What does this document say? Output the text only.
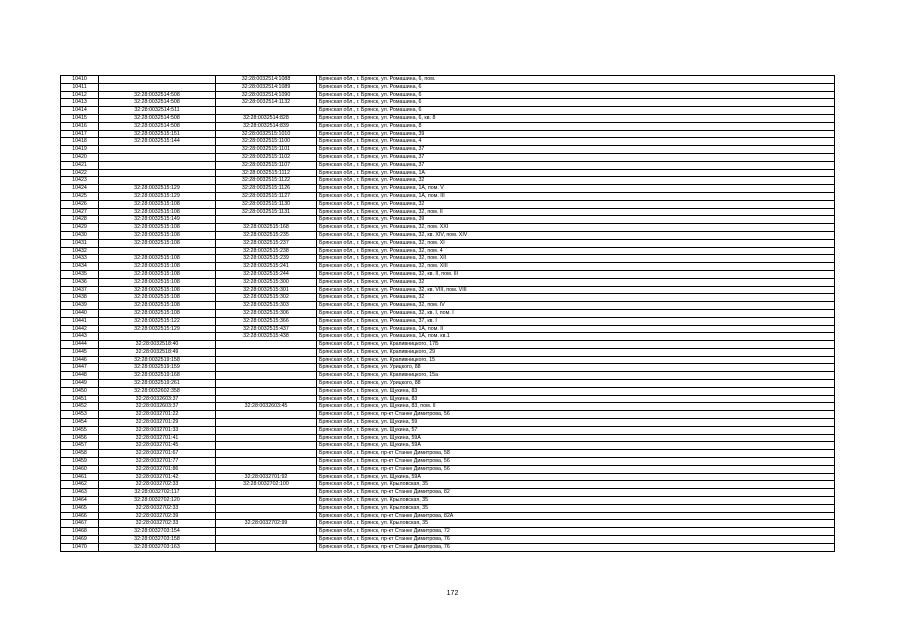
10410		32:28:0032514:1088	Брянская обл., г. Брянск, ул. Ромашина, 6, пом.
10411		32:28:0032514:1089	Брянская обл., г. Брянск, ул. Ромашина, 6
10412	32:28:0032514:508	32:28:0032514:1090	Брянская обл., г. Брянск, ул. Ромашина, 6
10413	32:28:0032514:508	32:28:0032514:1132	Брянская обл., г. Брянск, ул. Ромашина, 6
10414	32:28:0032514:511		Брянская обл., г. Брянск, ул. Ромашина, 6
10415	32:28:0032514:508	32:28:0032514:828	Брянская обл., г. Брянск, ул. Ромашина, 6, кв. 8
10416	32:28:0032514:508	32:28:0032514:839	Брянская обл., г. Брянск, ул. Ромашина, 8
10417	32:28:0032515:151	32:28:0032515:1010	Брянская обл., г. Брянск, ул. Ромашина, 39
10418	32:28:0032515:144	32:28:0032515:1100	Брянская обл., г. Брянск, ул. Ромашина, 4
10419		32:28:0032515:1101	Брянская обл., г. Брянск, ул. Ромашина, 37
10420		32:28:0032515:1102	Брянская обл., г. Брянск, ул. Ромашина, 37
10421		32:28:0032515:1107	Брянская обл., г. Брянск, ул. Ромашина, 37
10422		32:28:0032515:1112	Брянская обл., г. Брянск, ул. Ромашина, 1А
10423		32:28:0032515:1122	Брянская обл., г. Брянск, ул. Ромашина, 32
10424	32:28:0032515:129	32:28:0032515:1126	Брянская обл., г. Брянск, ул. Ромашина, 1А, пом. V
10425	32:28:0032515:129	32:28:0032515:1127	Брянская обл., г. Брянск, ул. Ромашина, 1А, пом. III
10426	32:28:0032515:108	32:28:0032515:1130	Брянская обл., г. Брянск, ул. Ромашина, 32
10427	32:28:0032515:108	32:28:0032515:1131	Брянская обл., г. Брянск, ул. Ромашина, 32, пом. II
10428	32:28:0032515:149		Брянская обл., г. Брянск, ул. Ромашина, 39
10429	32:28:0032515:108	32:28:0032515:168	Брянская обл., г. Брянск, ул. Ромашина, 32, пом. XXI
10430	32:28:0032515:108	32:28:0032515:235	Брянская обл., г. Брянск, ул. Ромашина, 32, кв. XIV, пом. XIV
10431	32:28:0032515:108	32:28:0032515:237	Брянская обл., г. Брянск, ул. Ромашина, 32, пом. XI
10432		32:28:0032515:238	Брянская обл., г. Брянск, ул. Ромашина, 32, пом. 4
10433	32:28:0032515:108	32:28:0032515:239	Брянская обл., г. Брянск, ул. Ромашина, 32, пом. XII
10434	32:28:0032515:108	32:28:0032515:241	Брянская обл., г. Брянск, ул. Ромашина, 32, пом. XIII
10435	32:28:0032515:108	32:28:0032515:244	Брянская обл., г. Брянск, ул. Ромашина, 32, кв. II, пом. III
10436	32:28:0032515:108	32:28:0032515:300	Брянская обл., г. Брянск, ул. Ромашина, 32
10437	32:28:0032515:108	32:28:0032515:301	Брянская обл., г. Брянск, ул. Ромашина, 32, кв. VIII, пом. VIII
10438	32:28:0032515:108	32:28:0032515:302	Брянская обл., г. Брянск, ул. Ромашина, 32
10439	32:28:0032515:108	32:28:0032515:303	Брянская обл., г. Брянск, ул. Ромашина, 32, пом. IV
10440	32:28:0032515:108	32:28:0032515:306	Брянская обл., г. Брянск, ул. Ромашина, 32, кв. I, пом. I
10441	32:28:0032515:122	32:28:0032515:366	Брянская обл., г. Брянск, ул. Ромашина, 37, кв. I
10442	32:28:0032515:129	32:28:0032515:437	Брянская обл., г. Брянск, ул. Ромашина, 1А, пом. II
10443		32:28:0032515:438	Брянская обл., г. Брянск, ул. Ромашина, 1А, пом. кв.1
10444	32:28:0032518:40		Брянская обл., г. Брянск, ул. Крапивницкого, 17Б
10445	32:28:0032518:49		Брянская обл., г. Брянск, ул. Крапивницкого, 29
10446	32:28:0032519:158		Брянская обл., г. Брянск, ул. Крапивницкого, 15
10447	32:28:0032519:159		Брянская обл., г. Брянск, ул. Урицкого, 88
10448	32:28:0032519:168		Брянская обл., г. Брянск, ул. Крапивницкого, 15а
10449	32:28:0032519:261		Брянская обл., г. Брянск, ул. Урицкого, 88
10450	32:28:0032602:358		Брянская обл., г. Брянск, ул. Щукина, 83
10451	32:28:0032603:37		Брянская обл., г. Брянск, ул. Щукина, 83
10452	32:28:0032603:37	32:28:0032603:45	Брянская обл., г. Брянск, ул. Щукина, 83, пом. II
10453	32:28:0032701:22		Брянская обл., г. Брянск, пр-кт Станке Димитрова, 56
10454	32:28:0032701:29		Брянская обл., г. Брянск, ул. Щукина, 59
10455	32:28:0032701:33		Брянская обл., г. Брянск, ул. Щукина, 57
10456	32:28:0032701:41		Брянская обл., г. Брянск, ул. Щукина, 59А
10457	32:28:0032701:45		Брянская обл., г. Брянск, ул. Щукина, 59А
10458	32:28:0032701:67		Брянская обл., г. Брянск, пр-кт Станке Димитрова, 58
10459	32:28:0032701:77		Брянская обл., г. Брянск, пр-кт Станке Димитрова, 56
10460	32:28:0032701:86		Брянская обл., г. Брянск, пр-кт Станке Димитрова, 56
10461	32:28:0032701:42	32:28:0032701:92	Брянская обл., г. Брянск, ул. Щукина, 59А
10462	32:28:0032702:33	32:28:0032702:100	Брянская обл., г. Брянск, ул. Крыловская, 35
10463	32:28:0032702:117		Брянская обл., г. Брянск, пр-кт Станке Димитрова, 82
10464	32:28:0032702:120		Брянская обл., г. Брянск, ул. Крыловская, 35
10465	32:28:0032702:33		Брянская обл., г. Брянск, ул. Крыловская, 35
10466	32:28:0032702:39		Брянская обл., г. Брянск, пр-кт Станке Димитрова, 82А
10467	32:28:0032702:33	32:28:0032702:99	Брянская обл., г. Брянск, ул. Крыловская, 35
10468	32:28:0032703:154		Брянская обл., г. Брянск, пр-кт Станке Димитрова, 72
10469	32:28:0032703:158		Брянская обл., г. Брянск, пр-кт Станке Димитрова, 76
10470	32:28:0032703:163		Брянская обл., г. Брянск, пр-кт Станке Димитрова, 76
172
